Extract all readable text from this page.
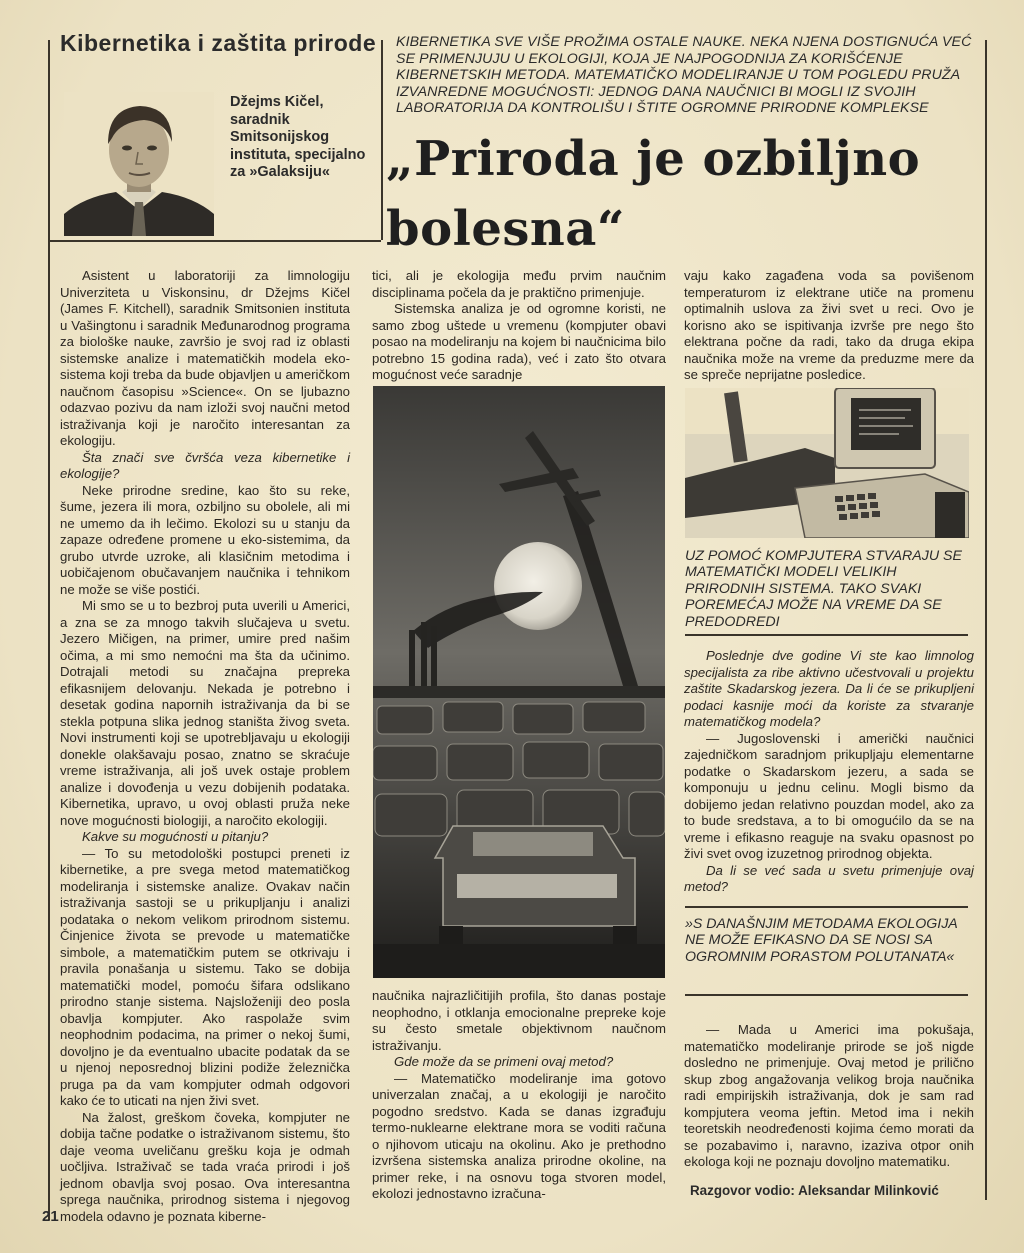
Kibernetika i zaštita prirode
Džejms Kičel, saradnik Smitsonijskog instituta, specijalno za »Galaksiju«
KIBERNETIKA SVE VIŠE PROŽIMA OSTALE NAUKE. NEKA NJENA DOSTIGNUĆA VEĆ SE PRIMENJUJU U EKOLOGIJI, KOJA JE NAJPOGODNIJA ZA KORIŠĆENJE KIBERNETSKIH METODA. MATEMATIČKO MODELIRANJE U TOM POGLEDU PRUŽA IZVANREDNE MOGUĆNOSTI: JEDNOG DANA NAUČNICI BI MOGLI IZ SVOJIH LABORATORIJA DA KONTROLIŠU I ŠTITE OGROMNE PRIRODNE KOMPLEKSE
„Priroda je ozbiljno
bolesna“

Asistent u laboratoriji za limnologiju Univerziteta u Viskonsinu, dr Džejms Kičel (James F. Kitchell), saradnik Smitsonien instituta u Vašingtonu i saradnik Međunarodnog programa za biološke nauke, završio je svoj rad iz oblasti sistemske analize i matematičkih modela eko-sistema koji treba da bude objavljen u američkom naučnom časopisu »Science«. On se ljubazno odazvao pozivu da nam izloži svoj naučni metod istraživanja koji je naročito interesantan za ekologiju.

Šta znači sve čvršća veza kibernetike i ekologije?

Neke prirodne sredine, kao što su reke, šume, jezera ili mora, ozbiljno su obolele, ali mi ne umemo da ih lečimo. Ekolozi su u stanju da zapaze određene promene u eko-sistemima, da grubo utvrde uzroke, ali klasičnim metodima i uobičajenom obučavanjem naučnika i tehnikom ne može se više postići.

Mi smo se u to bezbroj puta uverili u Americi, a zna se za mnogo takvih slučajeva u svetu. Jezero Mičigen, na primer, umire pred našim očima, a mi smo nemoćni ma šta da učinimo. Dotrajali metodi su značajna prepreka efikasnijem delovanju. Nekada je potrebno i desetak godina napornih istraživanja da bi se stekla potpuna slika jednog staništa živog sveta. Novi instrumenti koji se upotrebljavaju u ekologiji donekle olakšavaju posao, znatno se skraćuje vreme istraživanja, ali još uvek ostaje problem analize i dovođenja u vezu dobijenih podataka. Kibernetika, upravo, u ovoj oblasti pruža neke nove mogućnosti biologiji, a naročito ekologiji.

Kakve su mogućnosti u pitanju?

— To su metodološki postupci preneti iz kibernetike, a pre svega metod matematičkog modeliranja i sistemske analize. Ovakav način istraživanja sastoji se u prikupljanju i analizi podataka o nekom velikom prirodnom sistemu. Činjenice života se prevode u matematičke simbole, a matematičkim putem se otkrivaju i pravila ponašanja u sistemu. Tako se dobija matematički model, pomoću šifara odslikano prirodno stanje sistema. Najsloženiji deo posla obavlja kompjuter. Ako raspolaže svim neophodnim podacima, na primer o nekoj šumi, dovoljno je da eventualno ubacite podatak da se u njenoj neposrednoj blizini podiže železnička pruga pa da vam kompjuter odmah odgovori kako će to uticati na njen živi svet.

Na žalost, greškom čoveka, kompjuter ne dobija tačne podatke o istraživanom sistemu, što daje veoma uveličanu grešku koja je odmah uočljiva. Istraživač se tada vraća prirodi i još jednom obavlja svoj posao. Ova interesantna sprega naučnika, prirodnog sistema i njegovog modela odavno je poznata kiberne-

tici, ali je ekologija među prvim naučnim disciplinama počela da je praktično primenjuje.

Sistemska analiza je od ogromne koristi, ne samo zbog uštede u vremenu (kompjuter obavi posao na modeliranju na kojem bi naučnicima bilo potrebno 15 godina rada), već i zato što otvara mogućnost veće saradnje

naučnika najrazličitijih profila, što danas postaje neophodno, i otklanja emocionalne prepreke koje su često smetale objektivnom naučnom istraživanju.

Gde može da se primeni ovaj metod?

— Matematičko modeliranje ima gotovo univerzalan značaj, a u ekologiji je naročito pogodno sredstvo. Kada se danas izgrađuju termo-nuklearne elektrane mora se voditi računa o njihovom uticaju na okolinu. Ako je prethodno izvršena sistemska analiza prirodne okoline, na primer reke, i na osnovu toga stvoren model, ekolozi jednostavno izračuna-

vaju kako zagađena voda sa povišenom temperaturom iz elektrane utiče na promenu optimalnih uslova za živi svet u reci. Ovo je korisno ako se ispitivanja izvrše pre nego što elektrana počne da radi, tako da druga ekipa naučnika može na vreme da preduzme mere da se spreče neprijatne posledice.

UZ POMOĆ KOMPJUTERA STVARAJU SE MATEMATIČKI MODELI VELIKIH PRIRODNIH SISTEMA. TAKO SVAKI POREMEĆAJ MOŽE NA VREME DA SE PREDODREDI

Poslednje dve godine Vi ste kao limnolog specijalista za ribe aktivno učestvovali u projektu zaštite Skadarskog jezera. Da li će se prikupljeni podaci kasnije moći da koriste za stvaranje matematičkog modela?

— Jugoslovenski i američki naučnici zajedničkom saradnjom prikupljaju elementarne podatke o Skadarskom jezeru, a sada se komponuju u jednu celinu. Mogli bismo da dobijemo jedan relativno pouzdan model, ako za to bude sredstava, a to bi omogućilo da se na vreme i efikasno reaguje na svaku opasnost po živi svet ovog izuzetnog prirodnog objekta.

Da li se već sada u svetu primenjuje ovaj metod?

»S DANAŠNJIM METODAMA EKOLOGIJA NE MOŽE EFIKASNO DA SE NOSI SA OGROMNIM PORASTOM POLUTANATA«

— Mada u Americi ima pokušaja, matematičko modeliranje prirode se još nigde dosledno ne primenjuje. Ovaj metod je prilično skup zbog angažovanja velikog broja naučnika radi empirijskih istraživanja, dok je sam rad kompjutera veoma jeftin. Metod ima i nekih teoretskih neodređenosti kojima ćemo morati da se pozabavimo i, naravno, izaziva otpor onih ekologa koji ne poznaju dovoljno matematiku.

Razgovor vodio: Aleksandar Milinković
21
